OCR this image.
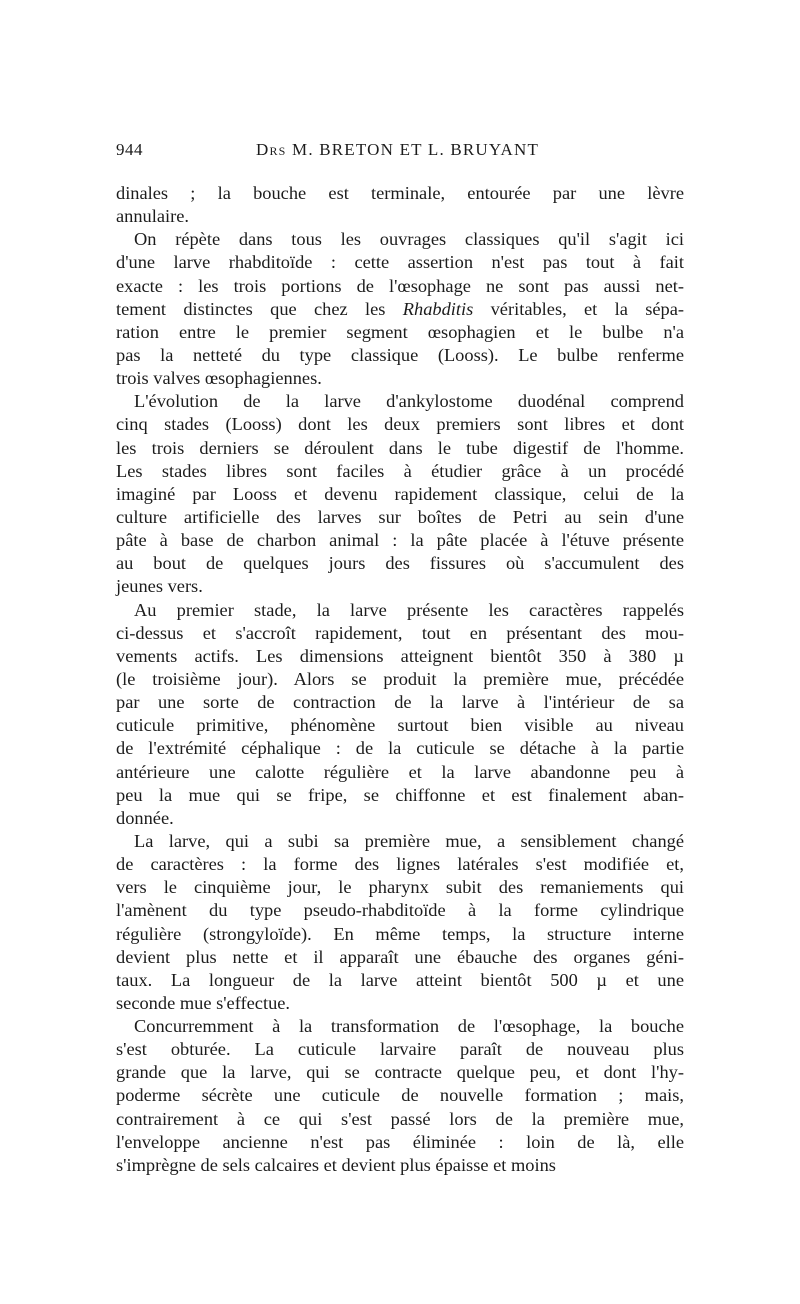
944	Drs M. BRETON ET L. BRUYANT
dinales ; la bouche est terminale, entourée par une lèvre
annulaire.
On répète dans tous les ouvrages classiques qu'il s'agit ici
d'une larve rhabditoïde : cette assertion n'est pas tout à fait
exacte : les trois portions de l'œsophage ne sont pas aussi net-
tement distinctes que chez les Rhabditis véritables, et la sépa-
ration entre le premier segment œsophagien et le bulbe n'a
pas la netteté du type classique (Looss). Le bulbe renferme
trois valves œsophagiennes.
L'évolution de la larve d'ankylostome duodénal comprend
cinq stades (Looss) dont les deux premiers sont libres et dont
les trois derniers se déroulent dans le tube digestif de l'homme.
Les stades libres sont faciles à étudier grâce à un procédé
imaginé par Looss et devenu rapidement classique, celui de la
culture artificielle des larves sur boîtes de Petri au sein d'une
pâte à base de charbon animal : la pâte placée à l'étuve présente
au bout de quelques jours des fissures où s'accumulent des
jeunes vers.
Au premier stade, la larve présente les caractères rappelés
ci-dessus et s'accroît rapidement, tout en présentant des mou-
vements actifs. Les dimensions atteignent bientôt 350 à 380 µ
(le troisième jour). Alors se produit la première mue, précédée
par une sorte de contraction de la larve à l'intérieur de sa
cuticule primitive, phénomène surtout bien visible au niveau
de l'extrémité céphalique : de la cuticule se détache à la partie
antérieure une calotte régulière et la larve abandonne peu à
peu la mue qui se fripe, se chiffonne et est finalement aban-
donnée.
La larve, qui a subi sa première mue, a sensiblement changé
de caractères : la forme des lignes latérales s'est modifiée et,
vers le cinquième jour, le pharynx subit des remaniements qui
l'amènent du type pseudo-rhabditoïde à la forme cylindrique
régulière (strongyloïde). En même temps, la structure interne
devient plus nette et il apparaît une ébauche des organes géni-
taux. La longueur de la larve atteint bientôt 500 µ et une
seconde mue s'effectue.
Concurremment à la transformation de l'œsophage, la bouche
s'est obturée. La cuticule larvaire paraît de nouveau plus
grande que la larve, qui se contracte quelque peu, et dont l'hy-
poderme sécrète une cuticule de nouvelle formation ; mais,
contrairement à ce qui s'est passé lors de la première mue,
l'enveloppe ancienne n'est pas éliminée : loin de là, elle
s'imprègne de sels calcaires et devient plus épaisse et moins
